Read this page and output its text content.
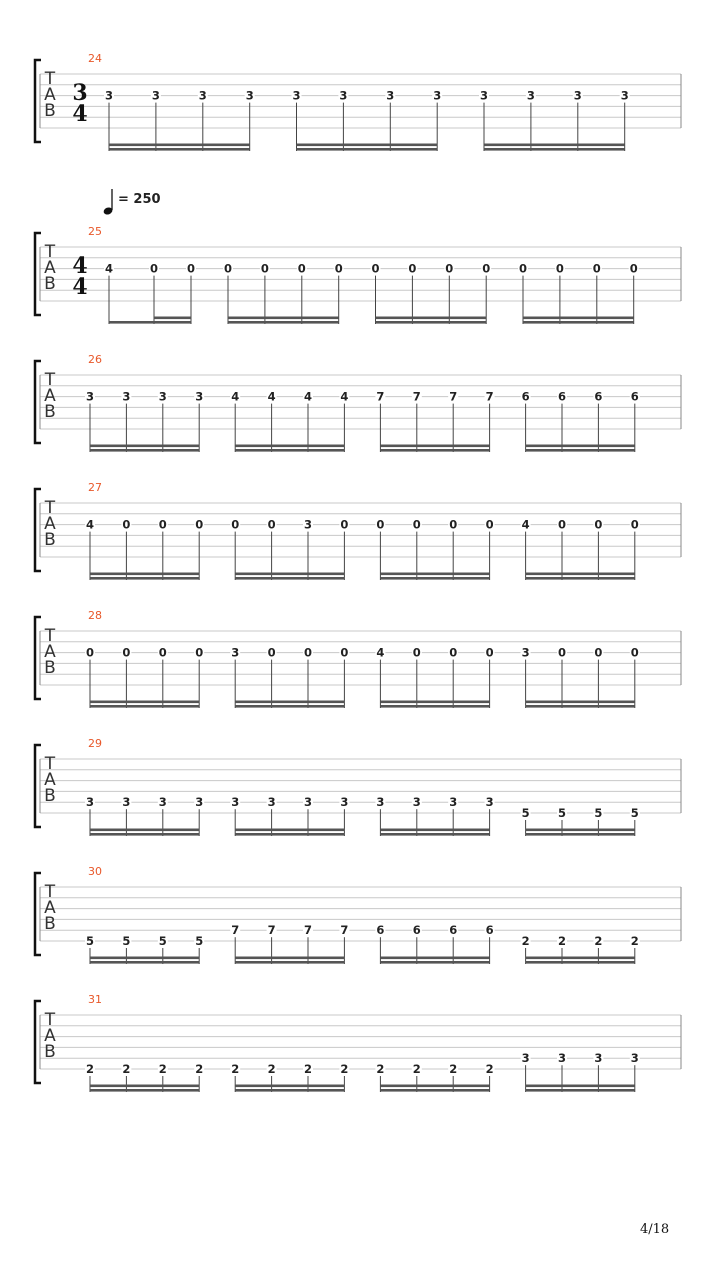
T
A
B
24
3
4
3	3	3	3	3	3	3	3	3	3	3	3
T
A
B
25
4
4
= 250
4	0	0	0	0	0	0	0	0	0	0	0	0	0	0
T
A
B
26
3 3 3 3 4 4 4 4 7 7 7 7 6 6 6 6
T
A
B
27
4 0 0 0 0 0 3 0 0 0 0 0 4 0 0 0
T
A
B
28
0 0 0 0 3 0 0 0 4 0 0 0 3 0 0 0
T
A
B
29
3 3 3 3 3 3 3 3 3 3 3 3
5 5 5 5
T
A
B
30
5 5 5 5
7 7 7 7 6 6 6 6
2 2 2 2
T
A
B
31
2 2 2 2 2 2 2 2 2 2 2 2
3 3 3 3
4/18
